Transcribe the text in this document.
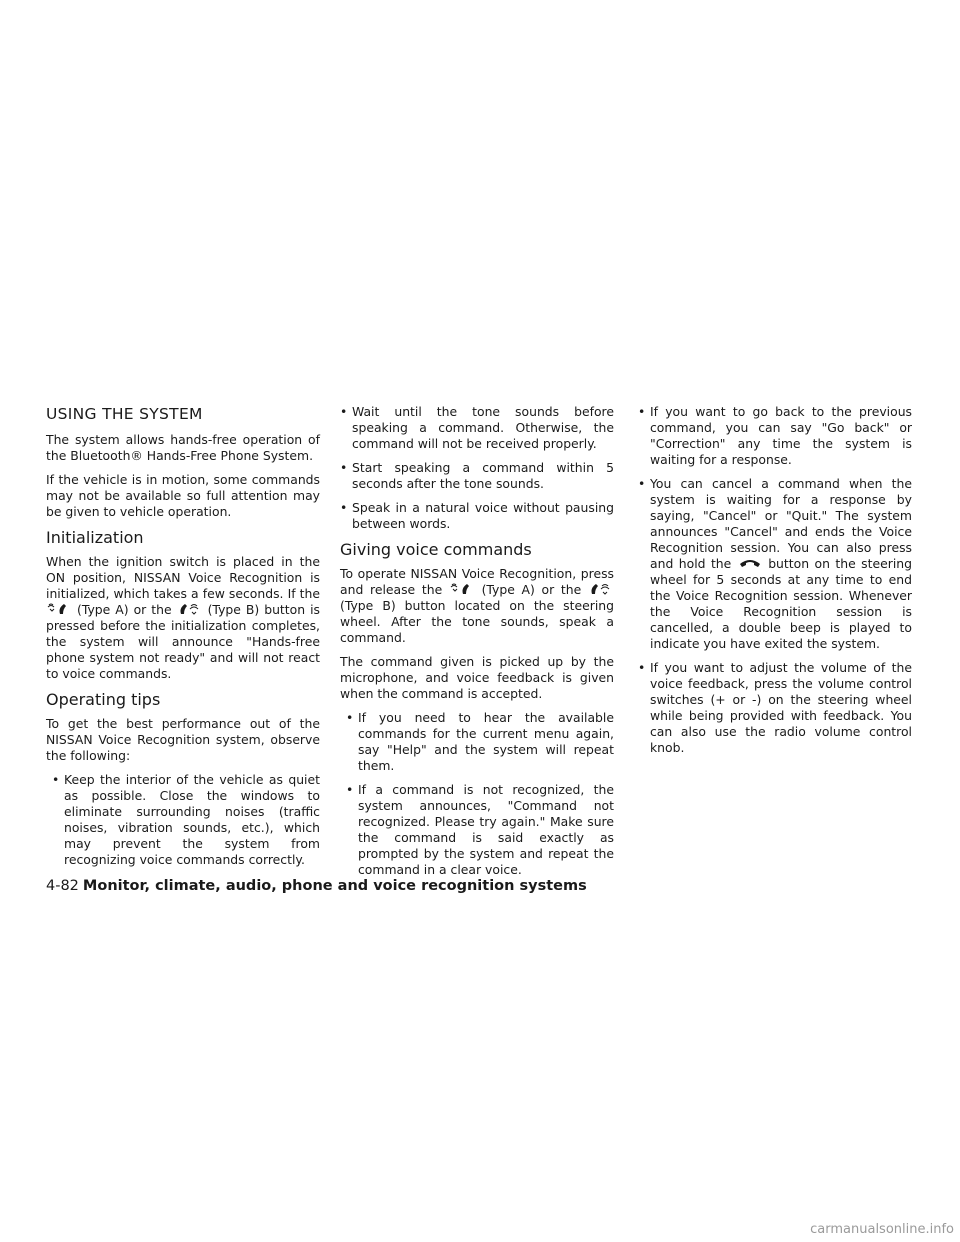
USING THE SYSTEM

The system allows hands-free operation of the Bluetooth® Hands-Free Phone System.

If the vehicle is in motion, some commands may not be available so full attention may be given to vehicle operation.

Initialization

When the ignition switch is placed in the ON position, NISSAN Voice Recognition is initialized, which takes a few seconds. If the  (Type A) or the	(Type B) button is pressed before the initialization completes, the system will announce "Hands-free phone system not ready" and will not react to voice commands.

Operating tips

To get the best performance out of the NISSAN Voice Recognition system, observe the following:

• Keep the interior of the vehicle as quiet as possible. Close the windows to eliminate surrounding noises (traffic noises, vibration sounds, etc.), which may prevent the system from recognizing voice commands correctly.
• Wait until the tone sounds before speaking a command. Otherwise, the command will not be received properly.
• Start speaking a command within 5 seconds after the tone sounds.
• Speak in a natural voice without pausing between words.
Giving voice commands

To operate NISSAN Voice Recognition, press and release the	(Type A) or the  (Type B) button located on the steering wheel. After the tone sounds, speak a command.

The command given is picked up by the microphone, and voice feedback is given when the command is accepted.

• If you need to hear the available commands for the current menu again, say "Help" and the system will repeat them.
• If a command is not recognized, the system announces, "Command not recognized. Please try again." Make sure the command is said exactly as prompted by the system and repeat the command in a clear voice.
• If you want to go back to the previous command, you can say "Go back" or "Correction" any time the system is waiting for a response.
• You can cancel a command when the system is waiting for a response by saying, "Cancel" or "Quit." The system announces "Cancel" and ends the Voice Recognition session. You can also press and hold the	button on the steering wheel for 5 seconds at any time to end the Voice Recognition session. Whenever the Voice Recognition session is cancelled, a double beep is played to indicate you have exited the system.
• If you want to adjust the volume of the voice feedback, press the volume control switches (+ or -) on the steering wheel while being provided with feedback. You can also use the radio volume control knob.
4-82 Monitor, climate, audio, phone and voice recognition systems
carmanualsonline.info
